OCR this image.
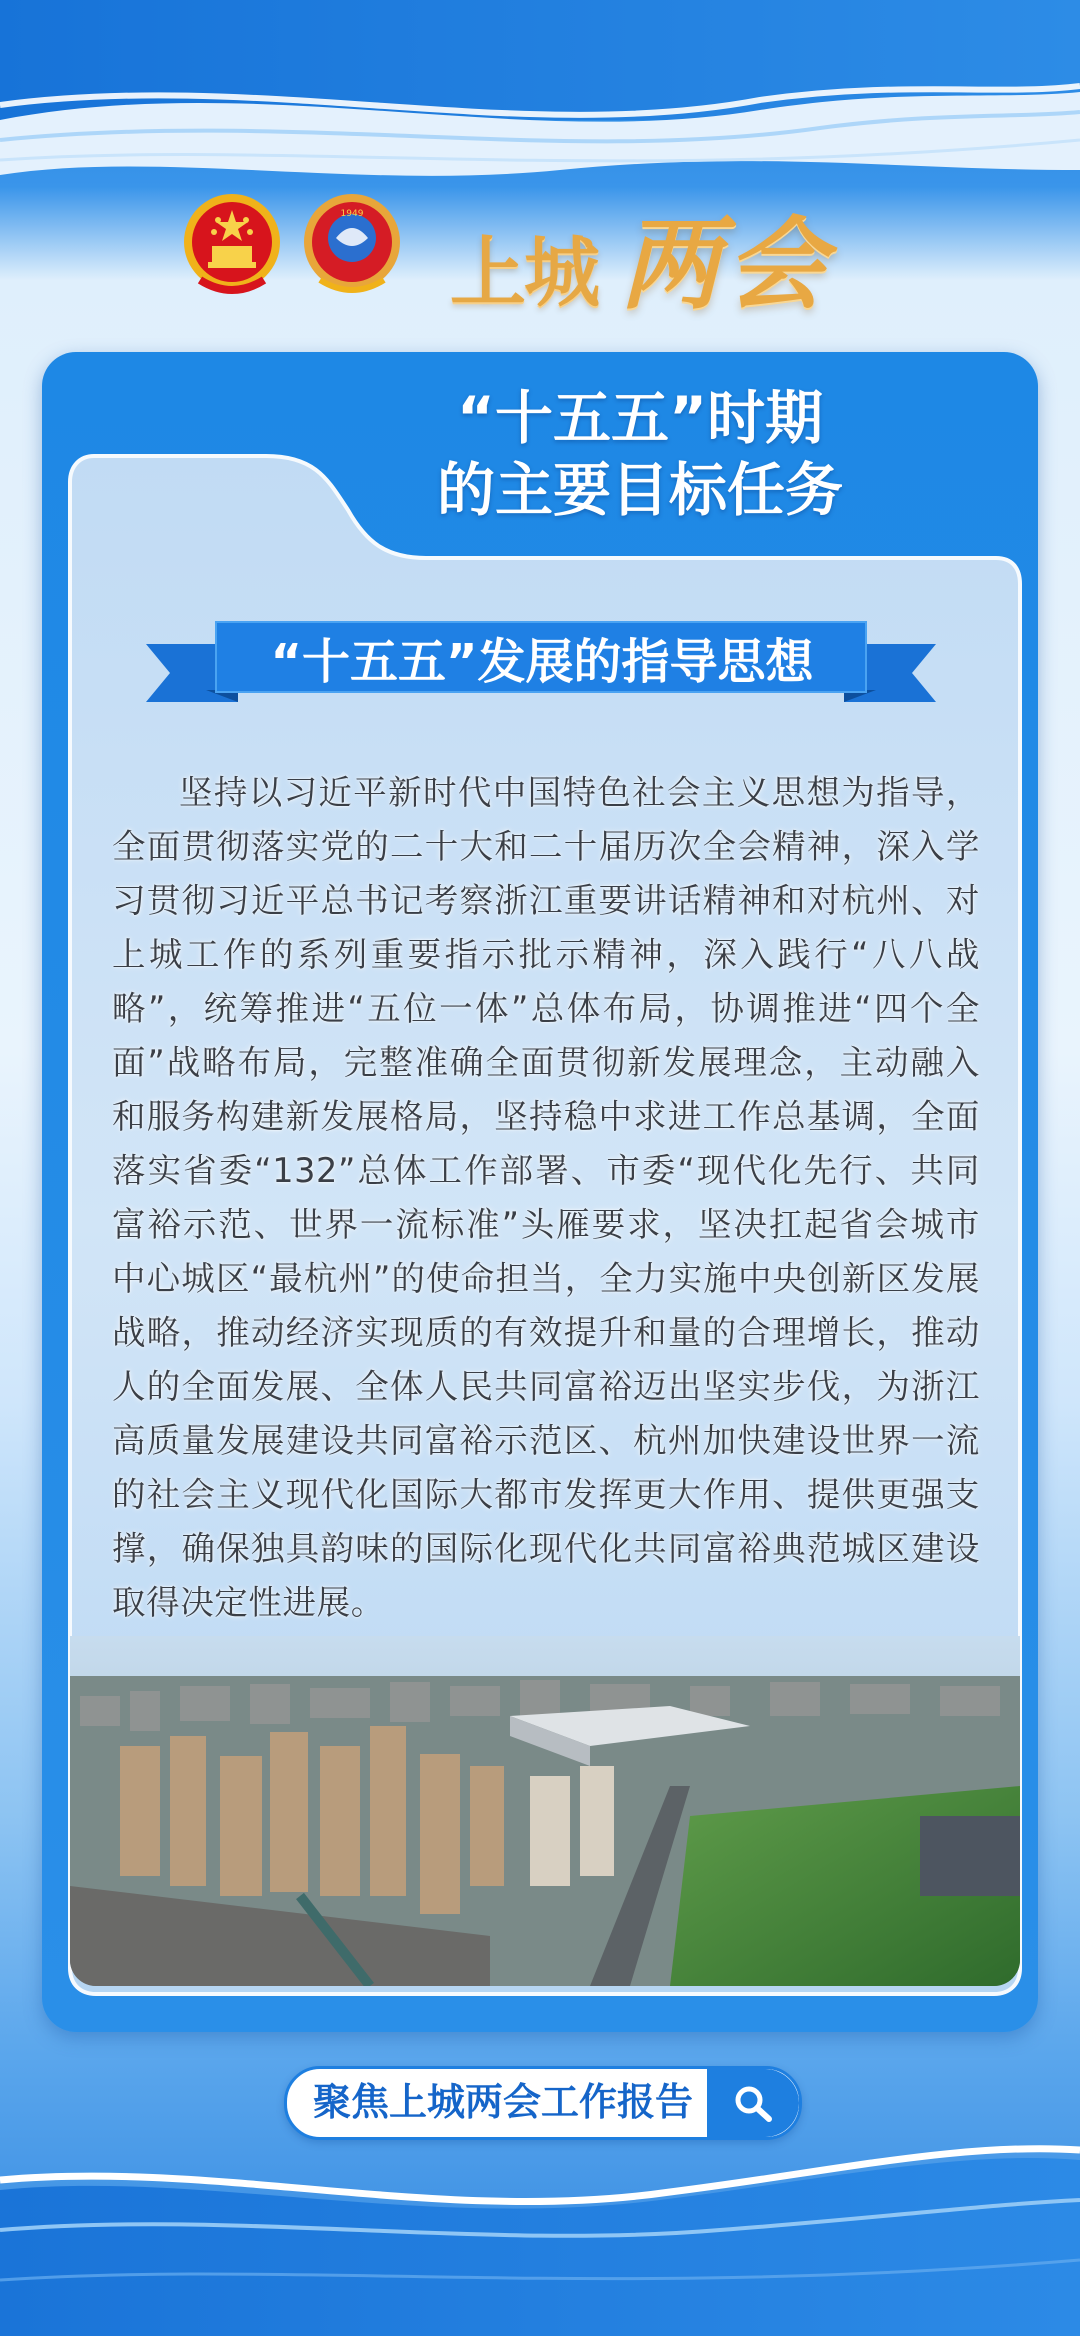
1949
上城 两会
“十五五”时期
的主要目标任务
“十五五”发展的指导思想
坚持以习近平新时代中国特色社会主义思想为指导，全面贯彻落实党的二十大和二十届历次全会精神，深入学习贯彻习近平总书记考察浙江重要讲话精神和对杭州、对上城工作的系列重要指示批示精神，深入践行“八八战略”，统筹推进“五位一体”总体布局，协调推进“四个全面”战略布局，完整准确全面贯彻新发展理念，主动融入和服务构建新发展格局，坚持稳中求进工作总基调，全面落实省委“132”总体工作部署、市委“现代化先行、共同富裕示范、世界一流标准”头雁要求，坚决扛起省会城市中心城区“最杭州”的使命担当，全力实施中央创新区发展战略，推动经济实现质的有效提升和量的合理增长，推动人的全面发展、全体人民共同富裕迈出坚实步伐，为浙江高质量发展建设共同富裕示范区、杭州加快建设世界一流的社会主义现代化国际大都市发挥更大作用、提供更强支撑，确保独具韵味的国际化现代化共同富裕典范城区建设取得决定性进展。
聚焦上城两会工作报告
